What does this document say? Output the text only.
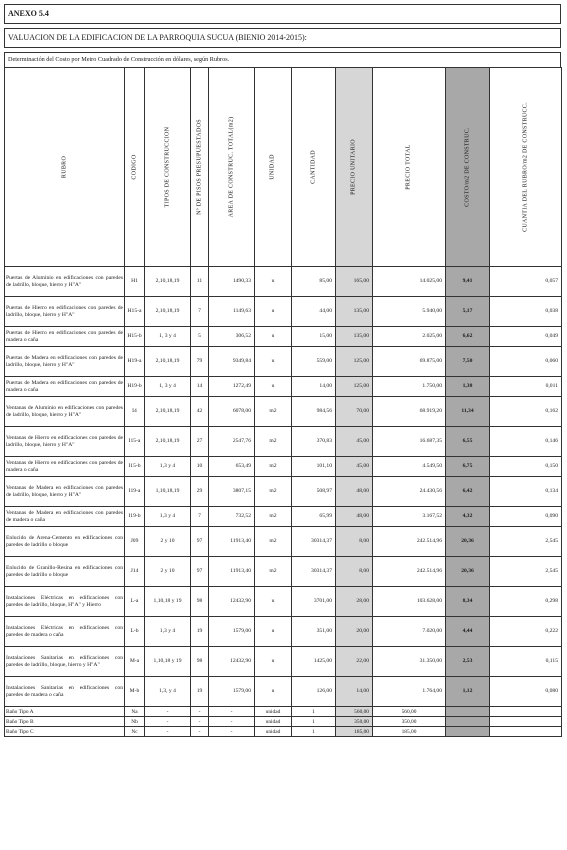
ANEXO 5.4
VALUACION DE LA EDIFICACION DE LA PARROQUIA SUCUA (BIENIO 2014-2015):
Determinación del Costo por Metro Cuadrado de Construcción en dólares, según Rubros.
RUBRO	CODIGO	TIPOS DE CONSTRUCCION	Nº DE PISOS PRESUPUESTADOS	AREA DE CONSTRUC. TOTAL(m2)	UNIDAD	CANTIDAD	PRECIO UNITARIO	PRECIO TOTAL	COSTO/m2 DE CONSTRUC.	CUANTIA DEL RUBRO/m2 DE CONSTRUCC.

Puertas de Aluminio en edificaciones con paredes de ladrillo, bloque, hierro y H"A"	H1	2,10,18,19	11	1490,33	u	85,00	165,00	14.025,00	9,41	0,057
Puertas de Hierro en edificaciones con paredes de ladrillo, bloque, hierro y H"A"	H15-a	2,10,18,19	7	1149,63	u	44,00	135,00	5.940,00	5,17	0,038
Puertas de Hierro en edificaciones con paredes de madera o caña	H15-b	1, 3 y 4	5	306,52	u	15,00	135,00	2.025,00	6,62	0,049
Puertas de Madera en edificaciones con paredes de ladrillo, bloque, hierro y H"A"	H19-a	2,10,18,19	79	9349,84	u	559,00	125,00	69.875,00	7,50	0,060
Puertas de Madera en edificaciones con paredes de madera o caña	H19-b	1, 3 y 4	14	1272,49	u	14,00	125,00	1.750,00	1,38	0,011
Ventanas de Aluminio en edificaciones con paredes de ladrillo, bloque, hierro y H"A"	I4	2,10,18,19	42	6078,00	m2	984,56	70,00	68.919,20	11,34	0,162
Ventanas de Hierro en edificaciones con paredes de ladrillo, bloque, hierro y H"A"	I15-a	2,10,18,19	27	2547,76	m2	370,83	45,00	16.687,35	6,55	0,146
Ventanas de Hierro en edificaciones con paredes de madera o caña	I15-b	1,3 y 4	10	653,49	m2	101,10	45,00	4.549,50	6,75	0,150
Ventanas de Madera en edificaciones con paredes de ladrillo, bloque, hierro y H"A"	I19-a	1,10,18,19	29	3807,15	m2	508,97	48,00	24.430,56	6,42	0,134
Ventanas de Madera en edificaciones con paredes de madera o caña	I19-b	1,3 y 4	7	732,52	m2	65,99	48,00	3.167,52	4,32	0,090
Enlucido de Arena-Cemento en edificaciones con paredes de ladrillo o bloque	J09	2 y 10	97	11913,40	m2	30314,37	8,00	242.514,96	20,36	2,545
Enlucido de Granillo-Resina en edificaciones con paredes de ladrillo o bloque	J14	2 y 10	97	11913,40	m2	30314,37	8,00	242.514,96	20,36	2,545
Instalaciones Eléctricas en edificaciones con paredes de ladrillo, bloque, H"A" y Hierro	L-a	1,10,18 y 19	98	12432,90	u	3701,00	28,00	103.628,00	8,34	0,298
Instalaciones Eléctricas en edificaciones con paredes de madera o caña	L-b	1,3 y 4	19	1579,00	u	351,00	20,00	7.020,00	4,44	0,222
Instalaciones Sanitarias en edificaciones con paredes de ladrillo, bloque, hierro y H"A"	M-a	1,10,18 y 19	98	12432,90	u	1425,00	22,00	31.350,00	2,53	0,115
Instalaciones Sanitarias en edificaciones con paredes de madera o caña	M-b	1,3, y 4	19	1579,00	u	126,00	14,00	1.764,00	1,12	0,080
Baño Tipo A	Na	-	-	-	unidad	1	560,00	560,00		
Baño Tipo B	Nb	-	-	-	unidad	1	350,00	350,00		
Baño Tipo C	Nc	-	-	-	unidad	1	185,00	185,00		
